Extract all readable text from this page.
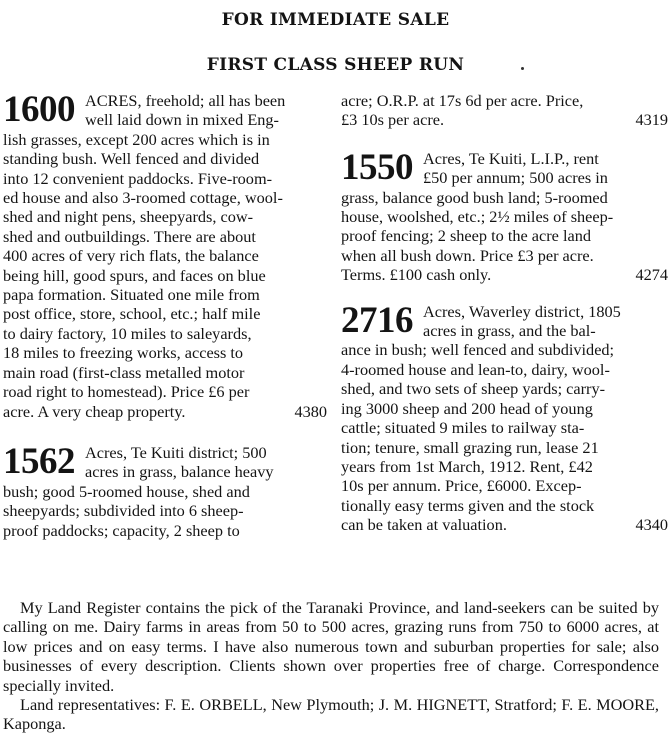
FOR IMMEDIATE SALE
FIRST CLASS SHEEP RUN
1600 ACRES, freehold; all has been
well laid down in mixed Eng-
lish grasses, except 200 acres which is in
standing bush. Well fenced and divided
into 12 convenient paddocks. Five-room-
ed house and also 3-roomed cottage, wool-
shed and night pens, sheepyards, cow-
shed and outbuildings. There are about
400 acres of very rich flats, the balance
being hill, good spurs, and faces on blue
papa formation. Situated one mile from
post office, store, school, etc.; half mile
to dairy factory, 10 miles to saleyards,
18 miles to freezing works, access to
main road (first-class metalled motor
road right to homestead). Price £6 per
4380
acre. A very cheap property.

1562 Acres, Te Kuiti district; 500
acres in grass, balance heavy
bush; good 5-roomed house, shed and
sheepyards; subdivided into 6 sheep-
proof paddocks; capacity, 2 sheep to

acre; O.R.P. at 17s 6d per acre. Price,
4319
£3 10s per acre.

1550 Acres, Te Kuiti, L.I.P., rent
£50 per annum; 500 acres in
grass, balance good bush land; 5-roomed
house, woolshed, etc.; 2½ miles of sheep-
proof fencing; 2 sheep to the acre land
when all bush down. Price £3 per acre.
4274
Terms. £100 cash only.

2716 Acres, Waverley district, 1805
acres in grass, and the bal-
ance in bush; well fenced and subdivided;
4-roomed house and lean-to, dairy, wool-
shed, and two sets of sheep yards; carry-
ing 3000 sheep and 200 head of young
cattle; situated 9 miles to railway sta-
tion; tenure, small grazing run, lease 21
years from 1st March, 1912. Rent, £42
10s per annum. Price, £6000. Excep-
tionally easy terms given and the stock
4340
can be taken at valuation.

My Land Register contains the pick of the Taranaki Province, and land-seekers can be suited by calling on me. Dairy farms in areas from 50 to 500 acres, grazing runs from 750 to 6000 acres, at low prices and on easy terms. I have also numerous town and suburban properties for sale; also businesses of every description. Clients shown over properties free of charge. Correspondence specially invited.

Land representatives: F. E. ORBELL, New Plymouth; J. M. HIGNETT, Stratford; F. E. MOORE, Kaponga.
